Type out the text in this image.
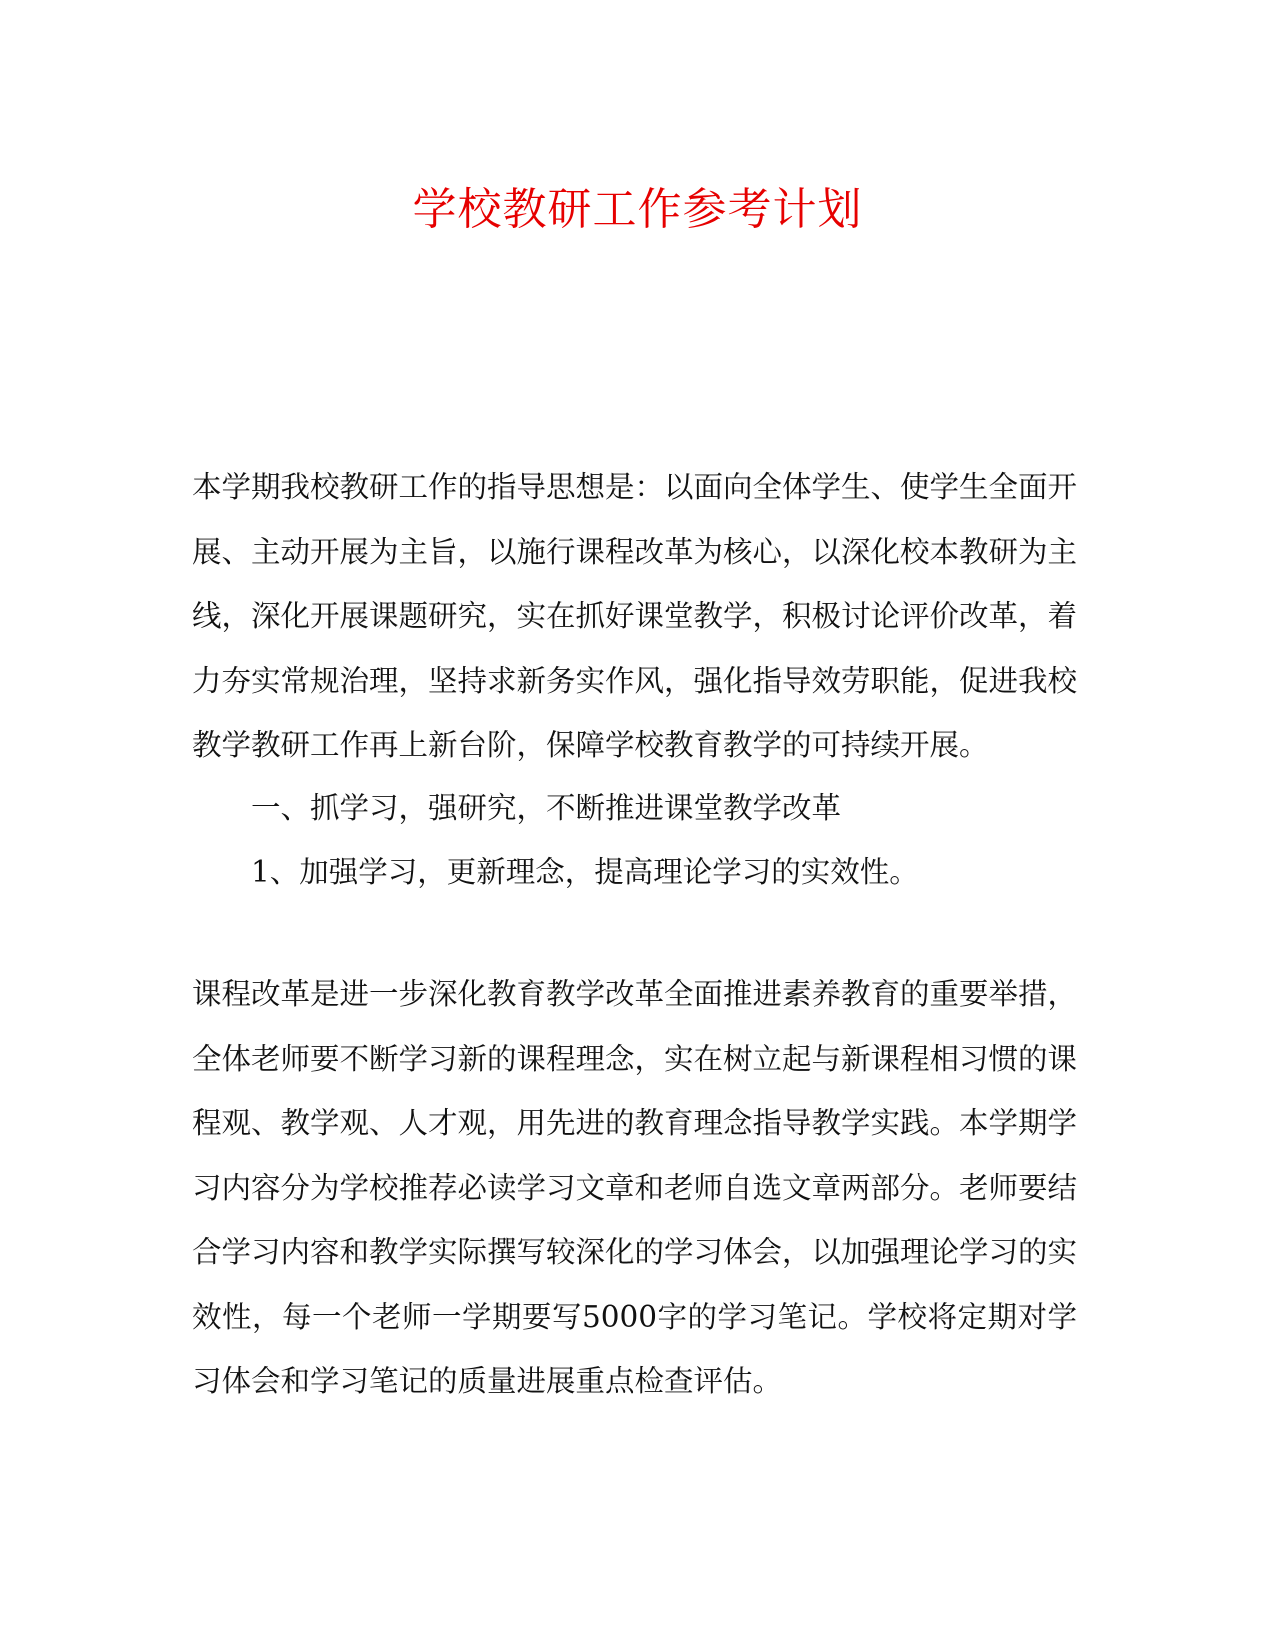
学校教研工作参考计划

本学期我校教研工作的指导思想是：以面向全体学生、使学生全面开展、主动开展为主旨，以施行课程改革为核心，以深化校本教研为主线，深化开展课题研究，实在抓好课堂教学，积极讨论评价改革，着力夯实常规治理，坚持求新务实作风，强化指导效劳职能，促进我校教学教研工作再上新台阶，保障学校教育教学的可持续开展。

一、抓学习，强研究，不断推进课堂教学改革

1、加强学习，更新理念，提高理论学习的实效性。

课程改革是进一步深化教育教学改革全面推进素养教育的重要举措，全体老师要不断学习新的课程理念，实在树立起与新课程相习惯的课程观、教学观、人才观，用先进的教育理念指导教学实践。本学期学习内容分为学校推荐必读学习文章和老师自选文章两部分。老师要结合学习内容和教学实际撰写较深化的学习体会，以加强理论学习的实效性，每一个老师一学期要写5000字的学习笔记。学校将定期对学习体会和学习笔记的质量进展重点检查评估。
